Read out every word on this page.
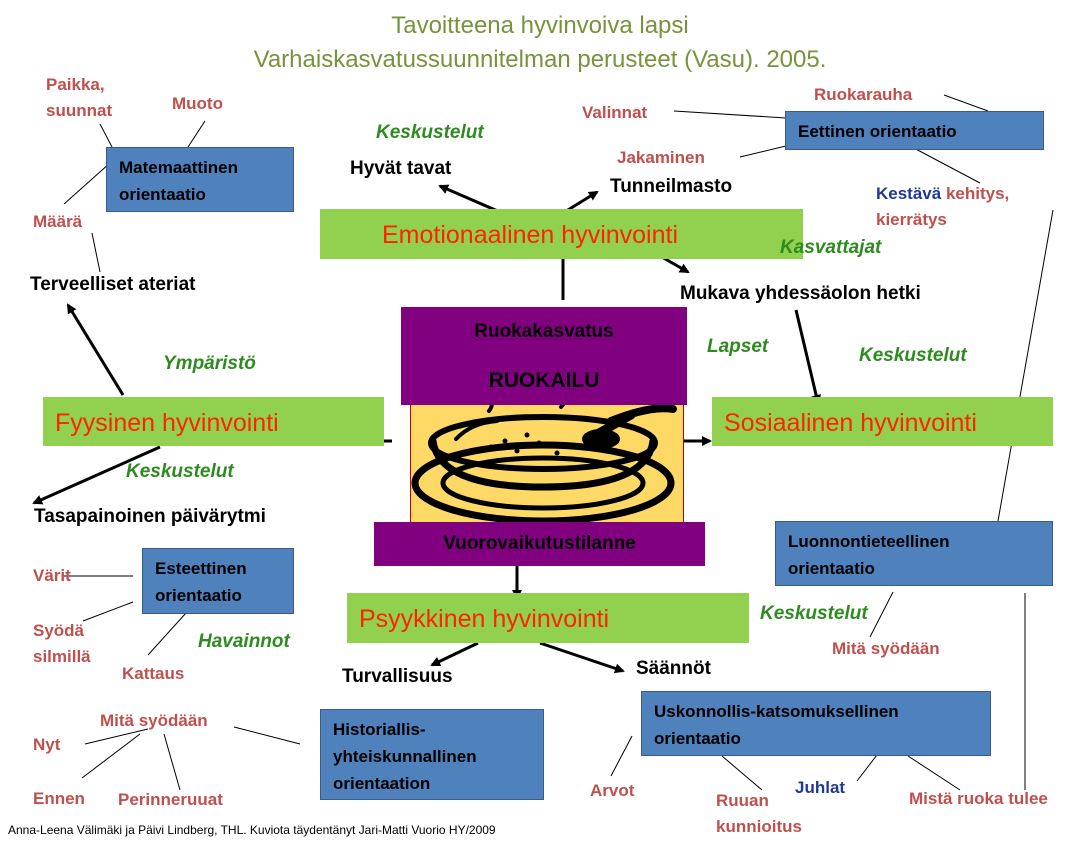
Tavoitteena hyvinvoiva lapsi
Varhaiskasvatussuunnitelman perusteet (Vasu). 2005.
Emotionaalinen hyvinvointi
Fyysinen hyvinvointi	Sosiaalinen hyvinvointi
Psyykkinen hyvinvointi
Ruokakasvatus
RUOKAILU
Vuorovaikutustilanne
Hyvät tavat
Tunneilmasto
Mukava yhdessäolon hetki
Terveelliset ateriat
Tasapainoinen päivärytmi
Turvallisuus	Säännöt
Keskustelut
Kasvattajat
Lapset	Keskustelut
Ympäristö
Keskustelut
Havainnot
Keskustelut
Matemaattinen
orientaatio
Eettinen orientaatio
Esteettinen
orientaatio
Luonnontieteellinen
orientaatio
Historiallis-
yhteiskunnallinen
orientaation
Uskonnollis-katsomuksellinen
orientaatio
Paikka,
suunnat	Muoto
Määrä
Valinnat
Ruokarauha
Jakaminen
Kestävä kehitys,
kierrätys
Värit
Syödä
silmillä
Kattaus
Mitä syödään
Nyt
Ennen Perinneruuat
Mitä syödään
Arvot
Ruuan
kunnioitus
Juhlat
Mistä ruoka tulee
Anna-Leena Välimäki ja Päivi Lindberg, THL. Kuviota täydentänyt Jari-Matti Vuorio HY/2009
